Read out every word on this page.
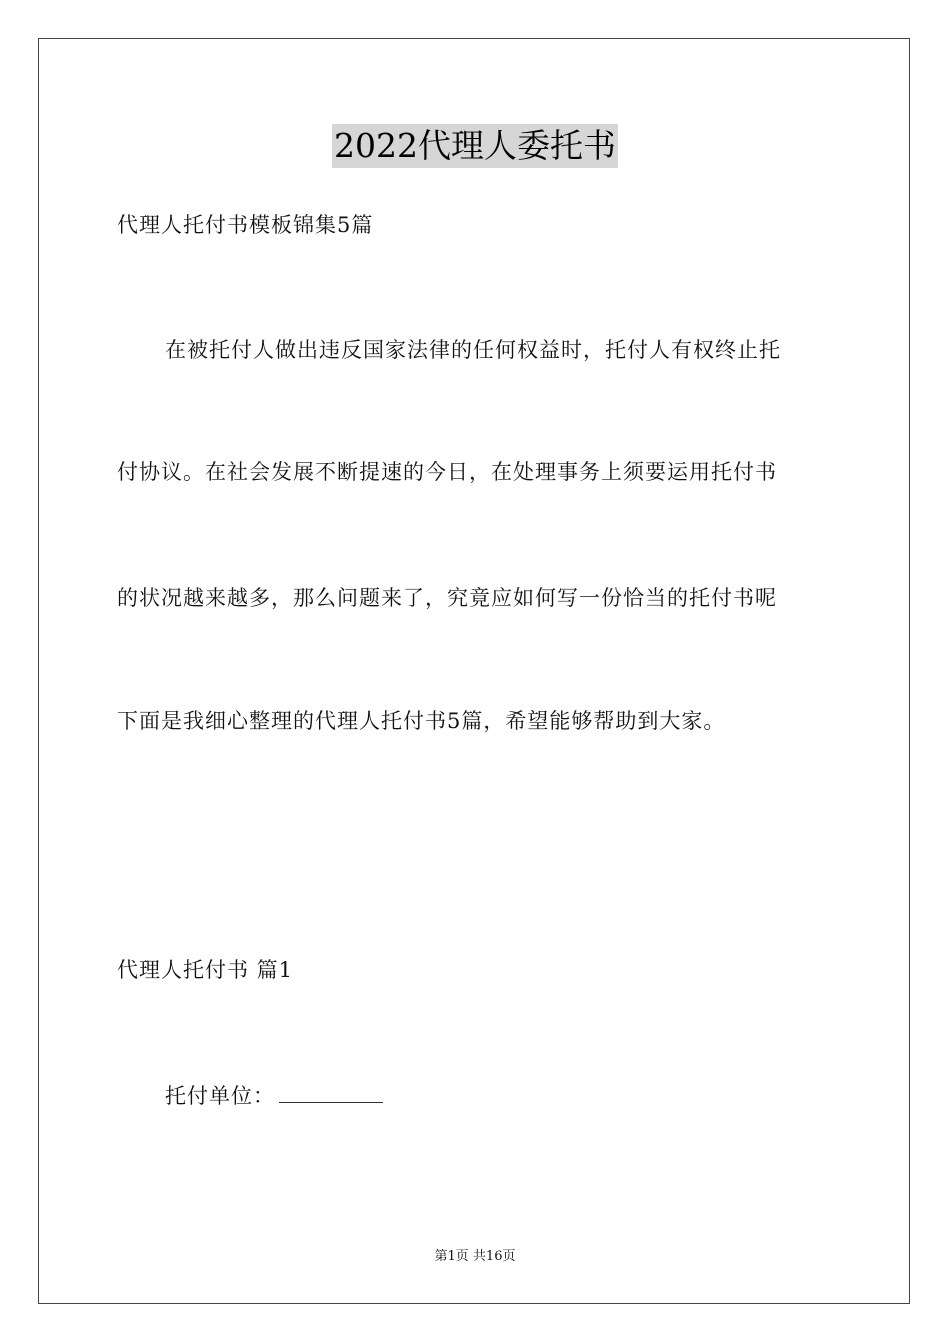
2022代理人委托书
代理人托付书模板锦集5篇
在被托付人做出违反国家法律的任何权益时，托付人有权终止托
付协议。在社会发展不断提速的今日，在处理事务上须要运用托付书
的状况越来越多，那么问题来了，究竟应如何写一份恰当的托付书呢
下面是我细心整理的代理人托付书5篇，希望能够帮助到大家。
代理人托付书 篇1
托付单位：
第1页 共16页
